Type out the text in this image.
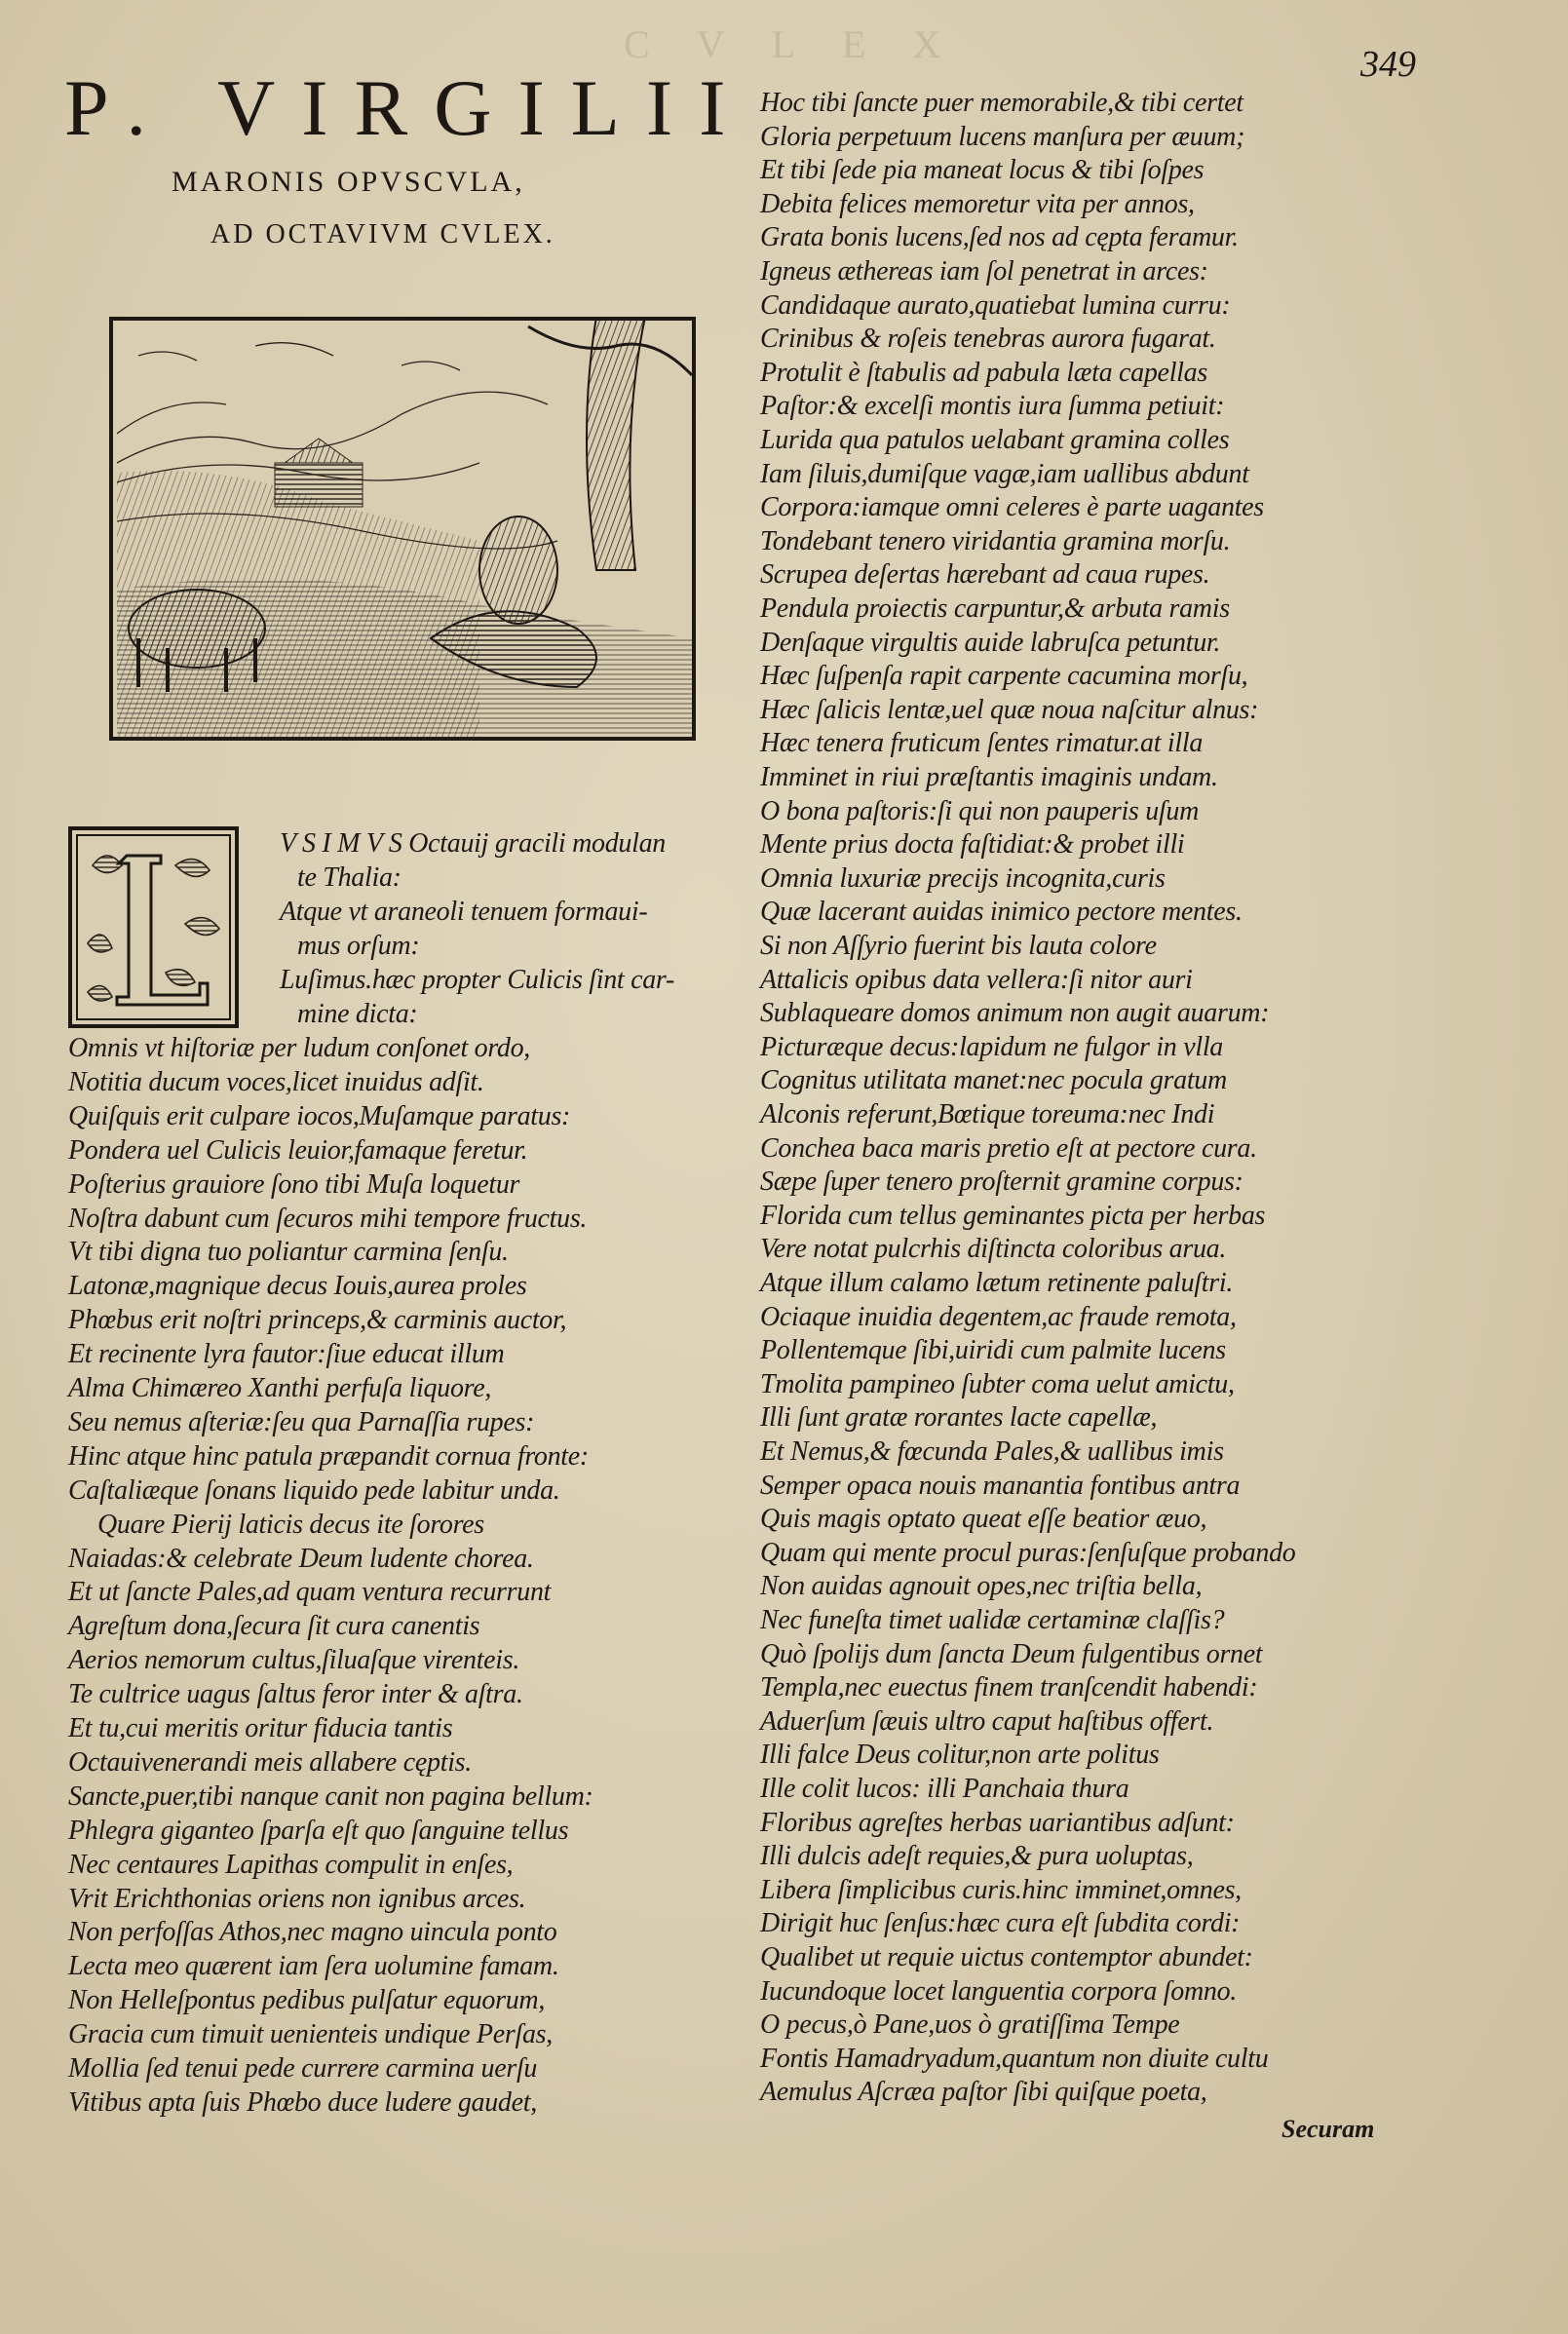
CVLEX
P. VIRGILII
MARONIS OPVSCVLA,
AD OCTAVIVM CVLEX.
349
V S I M V S Octauij gracili modulan
te Thalia:
Atque vt araneoli tenuem formaui-
mus orſum:
Luſimus.hæc propter Culicis ſint car-
mine dicta:
Omnis vt hiſtoriæ per ludum conſonet ordo,
Notitia ducum voces,licet inuidus adſit.
Quiſquis erit culpare iocos,Muſamque paratus:
Pondera uel Culicis leuior,famaque feretur.
Poſterius grauiore ſono tibi Muſa loquetur
Noſtra dabunt cum ſecuros mihi tempore fructus.
Vt tibi digna tuo poliantur carmina ſenſu.
Latonæ,magnique decus Iouis,aurea proles
Phœbus erit noſtri princeps,& carminis auctor,
Et recinente lyra fautor:ſiue educat illum
Alma Chimæreo Xanthi perfuſa liquore,
Seu nemus aſteriæ:ſeu qua Parnaſſia rupes:
Hinc atque hinc patula præpandit cornua fronte:
Caſtaliæque ſonans liquido pede labitur unda.
Quare Pierij laticis decus ite ſorores
Naiadas:& celebrate Deum ludente chorea.
Et ut ſancte Pales,ad quam ventura recurrunt
Agreſtum dona,ſecura ſit cura canentis
Aerios nemorum cultus,ſiluaſque virenteis.
Te cultrice uagus ſaltus feror inter & aſtra.
Et tu,cui meritis oritur fiducia tantis
Octauivenerandi meis allabere cęptis.
Sancte,puer,tibi nanque canit non pagina bellum:
Phlegra giganteo ſparſa eſt quo ſanguine tellus
Nec centaures Lapithas compulit in enſes,
Vrit Erichthonias oriens non ignibus arces.
Non perfoſſas Athos,nec magno uincula ponto
Lecta meo quærent iam ſera uolumine famam.
Non Helleſpontus pedibus pulſatur equorum,
Gracia cum timuit uenienteis undique Perſas,
Mollia ſed tenui pede currere carmina uerſu
Vitibus apta ſuis Phœbo duce ludere gaudet,
Hoc tibi ſancte puer memorabile,& tibi certet
Gloria perpetuum lucens manſura per æuum;
Et tibi ſede pia maneat locus & tibi ſoſpes
Debita felices memoretur vita per annos,
Grata bonis lucens,ſed nos ad cępta feramur.
Igneus æthereas iam ſol penetrat in arces:
Candidaque aurato,quatiebat lumina curru:
Crinibus & roſeis tenebras aurora fugarat.
Protulit è ſtabulis ad pabula læta capellas
Paſtor:& excelſi montis iura ſumma petiuit:
Lurida qua patulos uelabant gramina colles
Iam ſiluis,dumiſque vagæ,iam uallibus abdunt
Corpora:iamque omni celeres è parte uagantes
Tondebant tenero viridantia gramina morſu.
Scrupea deſertas hærebant ad caua rupes.
Pendula proiectis carpuntur,& arbuta ramis
Denſaque virgultis auide labruſca petuntur.
Hæc ſuſpenſa rapit carpente cacumina morſu,
Hæc ſalicis lentæ,uel quæ noua naſcitur alnus:
Hæc tenera fruticum ſentes rimatur.at illa
Imminet in riui præſtantis imaginis undam.
O bona paſtoris:ſi qui non pauperis uſum
Mente prius docta faſtidiat:& probet illi
Omnia luxuriæ precijs incognita,curis
Quæ lacerant auidas inimico pectore mentes.
Si non Aſſyrio fuerint bis lauta colore
Attalicis opibus data vellera:ſi nitor auri
Sublaqueare domos animum non augit auarum:
Picturæque decus:lapidum ne fulgor in vlla
Cognitus utilitata manet:nec pocula gratum
Alconis referunt,Bœtique toreuma:nec Indi
Conchea baca maris pretio eſt at pectore cura.
Sæpe ſuper tenero proſternit gramine corpus:
Florida cum tellus geminantes picta per herbas
Vere notat pulcrhis diſtincta coloribus arua.
Atque illum calamo lætum retinente paluſtri.
Ociaque inuidia degentem,ac fraude remota,
Pollentemque ſibi,uiridi cum palmite lucens
Tmolita pampineo ſubter coma uelut amictu,
Illi ſunt gratæ rorantes lacte capellæ,
Et Nemus,& fœcunda Pales,& uallibus imis
Semper opaca nouis manantia fontibus antra
Quis magis optato queat eſſe beatior æuo,
Quam qui mente procul puras:ſenſuſque probando
Non auidas agnouit opes,nec triſtia bella,
Nec funeſta timet ualidæ certaminæ claſſis?
Quò ſpolijs dum ſancta Deum fulgentibus ornet
Templa,nec euectus finem tranſcendit habendi:
Aduerſum ſæuis ultro caput haſtibus offert.
Illi falce Deus colitur,non arte politus
Ille colit lucos: illi Panchaia thura
Floribus agreſtes herbas uariantibus adſunt:
Illi dulcis adeſt requies,& pura uoluptas,
Libera ſimplicibus curis.hinc imminet,omnes,
Dirigit huc ſenſus:hæc cura eſt ſubdita cordi:
Qualibet ut requie uictus contemptor abundet:
Iucundoque locet languentia corpora ſomno.
O pecus,ò Pane,uos ò gratiſſima Tempe
Fontis Hamadryadum,quantum non diuite cultu
Aemulus Aſcræa paſtor ſibi quiſque poeta,
Securam
